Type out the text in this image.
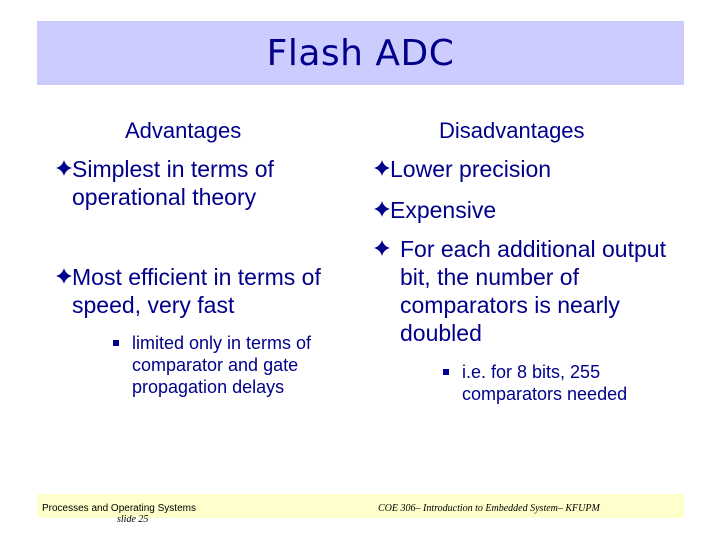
Flash ADC
Advantages	Disadvantages
Simplest in terms of operational theory
Most efficient in terms of speed, very fast
limited only in terms of comparator and gate propagation delays
Lower precision
Expensive
For each additional output bit, the number of comparators is nearly doubled
i.e. for 8 bits, 255 comparators needed
Processes and Operating Systems
slide 25
COE 306– Introduction to Embedded System– KFUPM
